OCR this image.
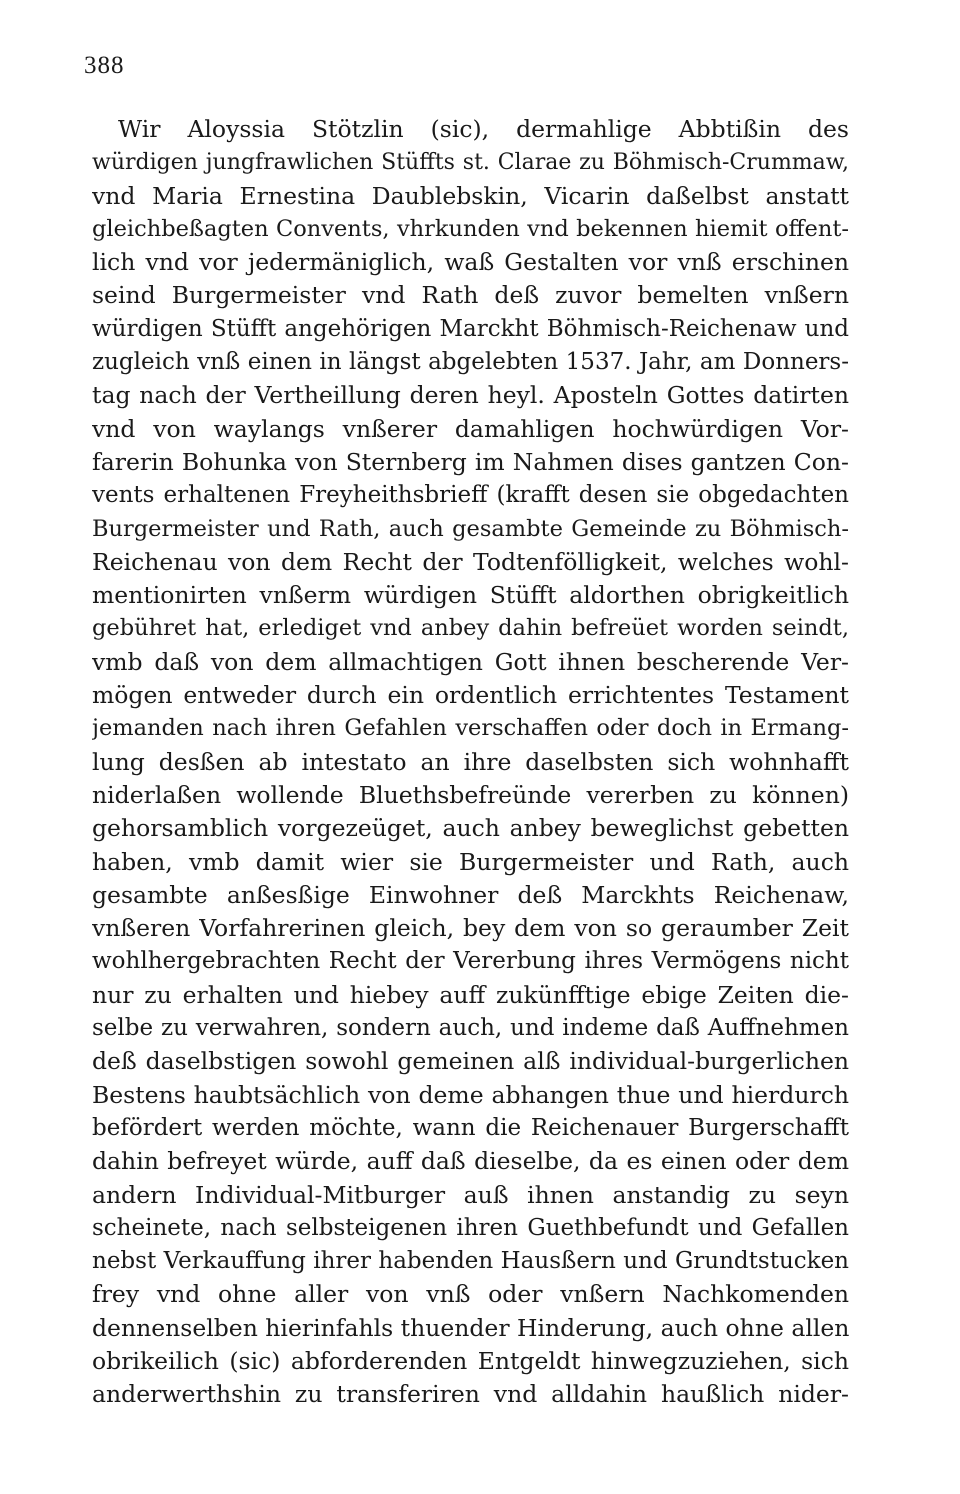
388
Wir Aloyssia Stötzlin (sic), dermahlige Abbtißin des
würdigen jungfrawlichen Stüffts st. Clarae zu Böhmisch-Crummaw,
vnd Maria Ernestina Daublebskin, Vicarin daßelbst anstatt
gleichbeßagten Convents, vhrkunden vnd bekennen hiemit offent-
lich vnd vor jedermäniglich, waß Gestalten vor vnß erschinen
seind Burgermeister vnd Rath deß zuvor bemelten vnßern
würdigen Stüfft angehörigen Marckht Böhmisch-Reichenaw und
zugleich vnß einen in längst abgelebten 1537. Jahr, am Donners-
tag nach der Vertheillung deren heyl. Aposteln Gottes datirten
vnd von waylangs vnßerer damahligen hochwürdigen Vor-
farerin Bohunka von Sternberg im Nahmen dises gantzen Con-
vents erhaltenen Freyheithsbrieff (krafft desen sie obgedachten
Burgermeister und Rath, auch gesambte Gemeinde zu Böhmisch-
Reichenau von dem Recht der Todtenfölligkeit, welches wohl-
mentionirten vnßerm würdigen Stüfft aldorthen obrigkeitlich
gebühret hat, erlediget vnd anbey dahin befreüet worden seindt,
vmb daß von dem allmachtigen Gott ihnen bescherende Ver-
mögen entweder durch ein ordentlich errichtentes Testament
jemanden nach ihren Gefahlen verschaffen oder doch in Ermang-
lung desßen ab intestato an ihre daselbsten sich wohnhafft
niderlaßen wollende Bluethsbefreünde vererben zu können)
gehorsamblich vorgezeüget, auch anbey beweglichst gebetten
haben, vmb damit wier sie Burgermeister und Rath, auch
gesambte anßesßige Einwohner deß Marckhts Reichenaw,
vnßeren Vorfahrerinen gleich, bey dem von so geraumber Zeit
wohlhergebrachten Recht der Vererbung ihres Vermögens nicht
nur zu erhalten und hiebey auff zukünfftige ebige Zeiten die-
selbe zu verwahren, sondern auch, und indeme daß Auffnehmen
deß daselbstigen sowohl gemeinen alß individual-burgerlichen
Bestens haubtsächlich von deme abhangen thue und hierdurch
befördert werden möchte, wann die Reichenauer Burgerschafft
dahin befreyet würde, auff daß dieselbe, da es einen oder dem
andern Individual-Mitburger auß ihnen anstandig zu seyn
scheinete, nach selbsteigenen ihren Guethbefundt und Gefallen
nebst Verkauffung ihrer habenden Hausßern und Grundtstucken
frey vnd ohne aller von vnß oder vnßern Nachkomenden
dennenselben hierinfahls thuender Hinderung, auch ohne allen
obrikeilich (sic) abforderenden Entgeldt hinwegzuziehen, sich
anderwerthshin zu transferiren vnd alldahin haußlich nider-
